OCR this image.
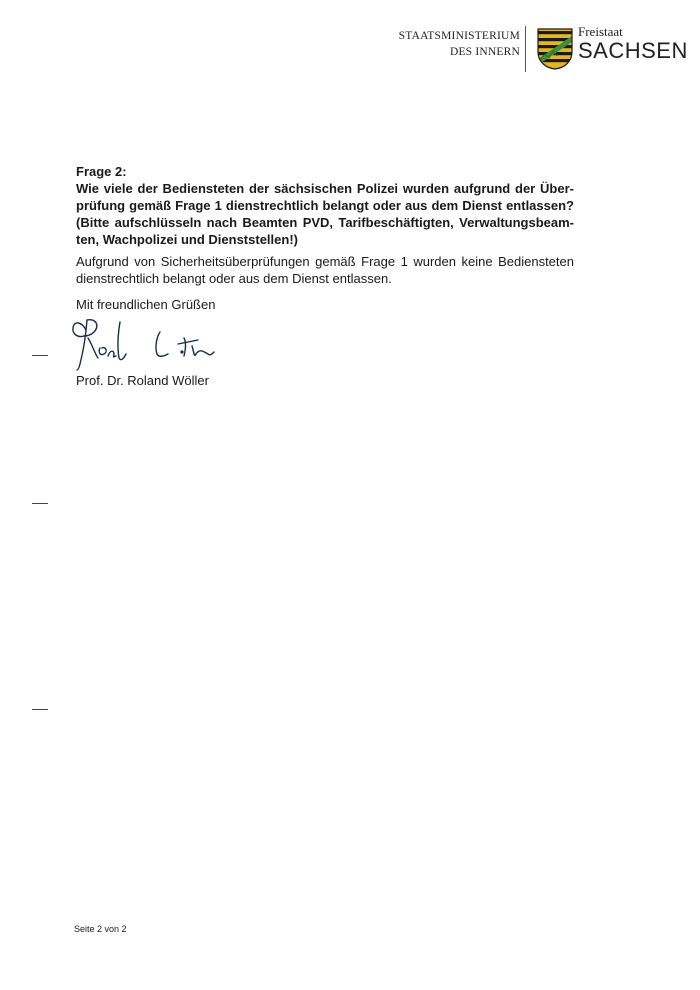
STAATSMINISTERIUM
DES INNERN
Freistaat
SACHSEN
Frage 2:
Wie viele der Bediensteten der sächsischen Polizei wurden aufgrund der Über-prüfung gemäß Frage 1 dienstrechtlich belangt oder aus dem Dienst entlassen? (Bitte aufschlüsseln nach Beamten PVD, Tarifbeschäftigten, Verwaltungsbeam-ten, Wachpolizei und Dienststellen!)
Aufgrund von Sicherheitsüberprüfungen gemäß Frage 1 wurden keine Bediensteten dienstrechtlich belangt oder aus dem Dienst entlassen.
Mit freundlichen Grüßen
Prof. Dr. Roland Wöller
Seite 2 von 2
